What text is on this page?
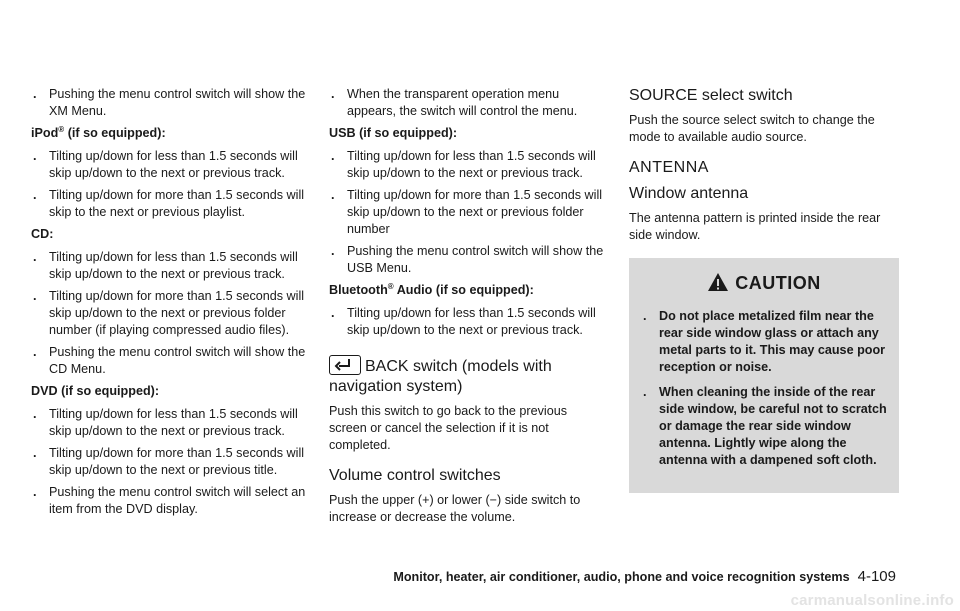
. Pushing the menu control switch will show the XM Menu.
iPod® (if so equipped):
. Tilting up/down for less than 1.5 seconds will skip up/down to the next or previous track.
. Tilting up/down for more than 1.5 seconds will skip to the next or previous playlist.
CD:
. Tilting up/down for less than 1.5 seconds will skip up/down to the next or previous track.
. Tilting up/down for more than 1.5 seconds will skip up/down to the next or previous folder number (if playing compressed audio files).
. Pushing the menu control switch will show the CD Menu.
DVD (if so equipped):
. Tilting up/down for less than 1.5 seconds will skip up/down to the next or previous track.
. Tilting up/down for more than 1.5 seconds will skip up/down to the next or previous title.
. Pushing the menu control switch will select an item from the DVD display.
. When the transparent operation menu appears, the switch will control the menu.
USB (if so equipped):
. Tilting up/down for less than 1.5 seconds will skip up/down to the next or previous track.
. Tilting up/down for more than 1.5 seconds will skip up/down to the next or previous folder number
. Pushing the menu control switch will show the USB Menu.
Bluetooth® Audio (if so equipped):
. Tilting up/down for less than 1.5 seconds will skip up/down to the next or previous track.
BACK switch (models with navigation system)
Push this switch to go back to the previous screen or cancel the selection if it is not completed.
Volume control switches
Push the upper (+) or lower (−) side switch to increase or decrease the volume.
SOURCE select switch
Push the source select switch to change the mode to available audio source.
ANTENNA
Window antenna
The antenna pattern is printed inside the rear side window.
CAUTION
. Do not place metalized film near the rear side window glass or attach any metal parts to it. This may cause poor reception or noise.
. When cleaning the inside of the rear side window, be careful not to scratch or damage the rear side window antenna. Lightly wipe along the antenna with a dampened soft cloth.
Monitor, heater, air conditioner, audio, phone and voice recognition systems 4-109
carmanualsonline.info
